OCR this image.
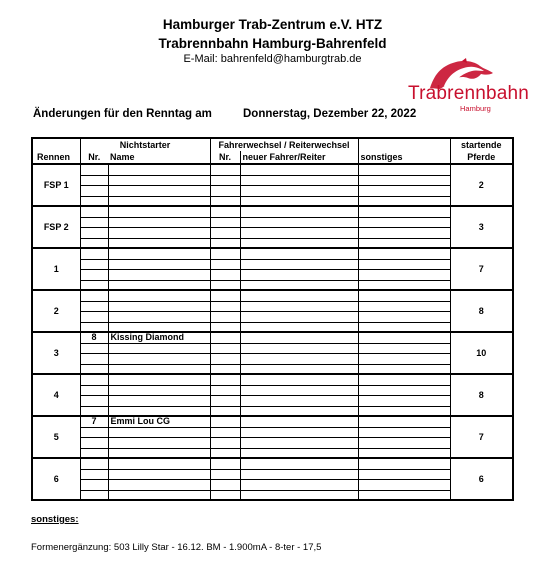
Hamburger Trab-Zentrum e.V. HTZ
Trabrennbahn Hamburg-Bahrenfeld
E-Mail: bahrenfeld@hamburgtrab.de
Trabrennbahn
Hamburg
Änderungen für den Renntag am	Donnerstag, Dezember 22, 2022
	Nichtstarter		Fahrerwechsel / Reiterwechsel			startende
Rennen	Nr.	Name	Nr.	neuer Fahrer/Reiter	sonstiges	Pferde
FSP 1						2

FSP 2						3

1						7

2						8

3	8	Kissing Diamond				10

4						8

5	7	Emmi Lou CG				7

6						6

sonstiges:
Formenergänzung: 503 Lilly Star - 16.12. BM - 1.900mA - 8-ter - 17,5
